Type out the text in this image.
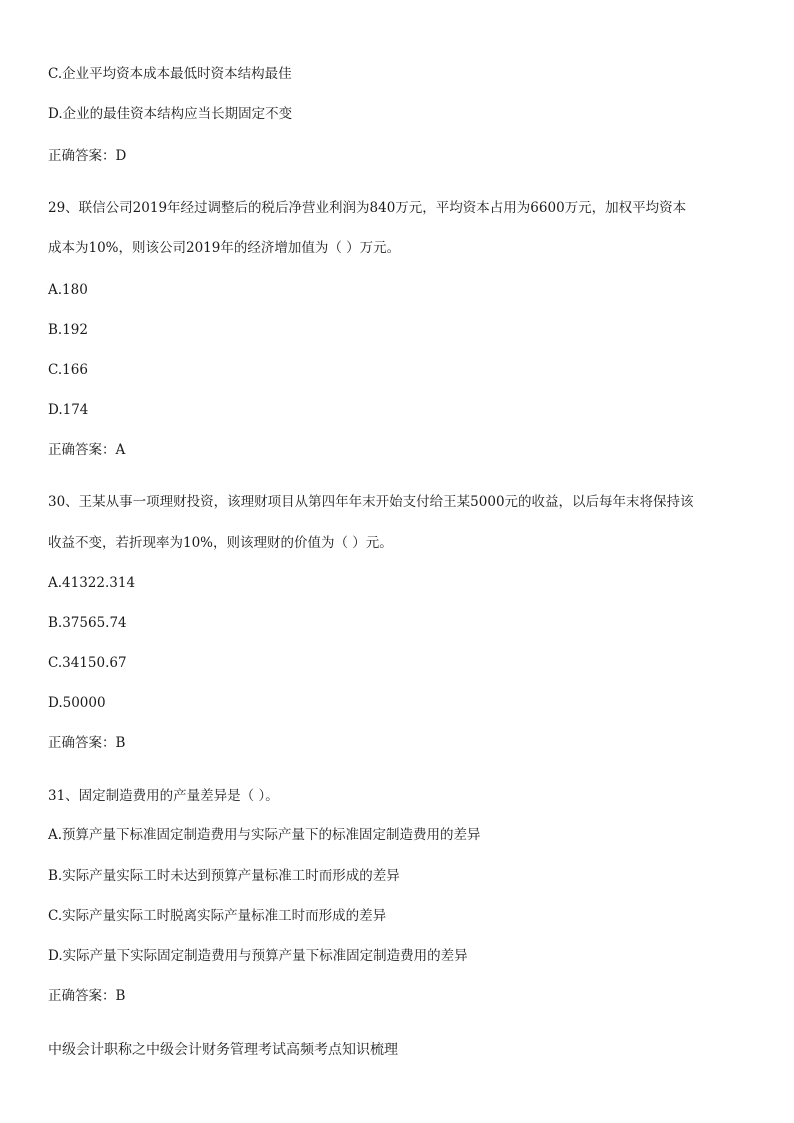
C.企业平均资本成本最低时资本结构最佳
D.企业的最佳资本结构应当长期固定不变
正确答案：D
29、联信公司2019年经过调整后的税后净营业利润为840万元，平均资本占用为6600万元，加权平均资本
成本为10%，则该公司2019年的经济增加值为（ ）万元。
A.180
B.192
C.166
D.174
正确答案：A
30、王某从事一项理财投资，该理财项目从第四年年末开始支付给王某5000元的收益，以后每年末将保持该
收益不变，若折现率为10%，则该理财的价值为（ ）元。
A.41322.314
B.37565.74
C.34150.67
D.50000
正确答案：B
31、固定制造费用的产量差异是（ ）。
A.预算产量下标准固定制造费用与实际产量下的标准固定制造费用的差异
B.实际产量实际工时未达到预算产量标准工时而形成的差异
C.实际产量实际工时脱离实际产量标准工时而形成的差异
D.实际产量下实际固定制造费用与预算产量下标准固定制造费用的差异
正确答案：B
中级会计职称之中级会计财务管理考试高频考点知识梳理
